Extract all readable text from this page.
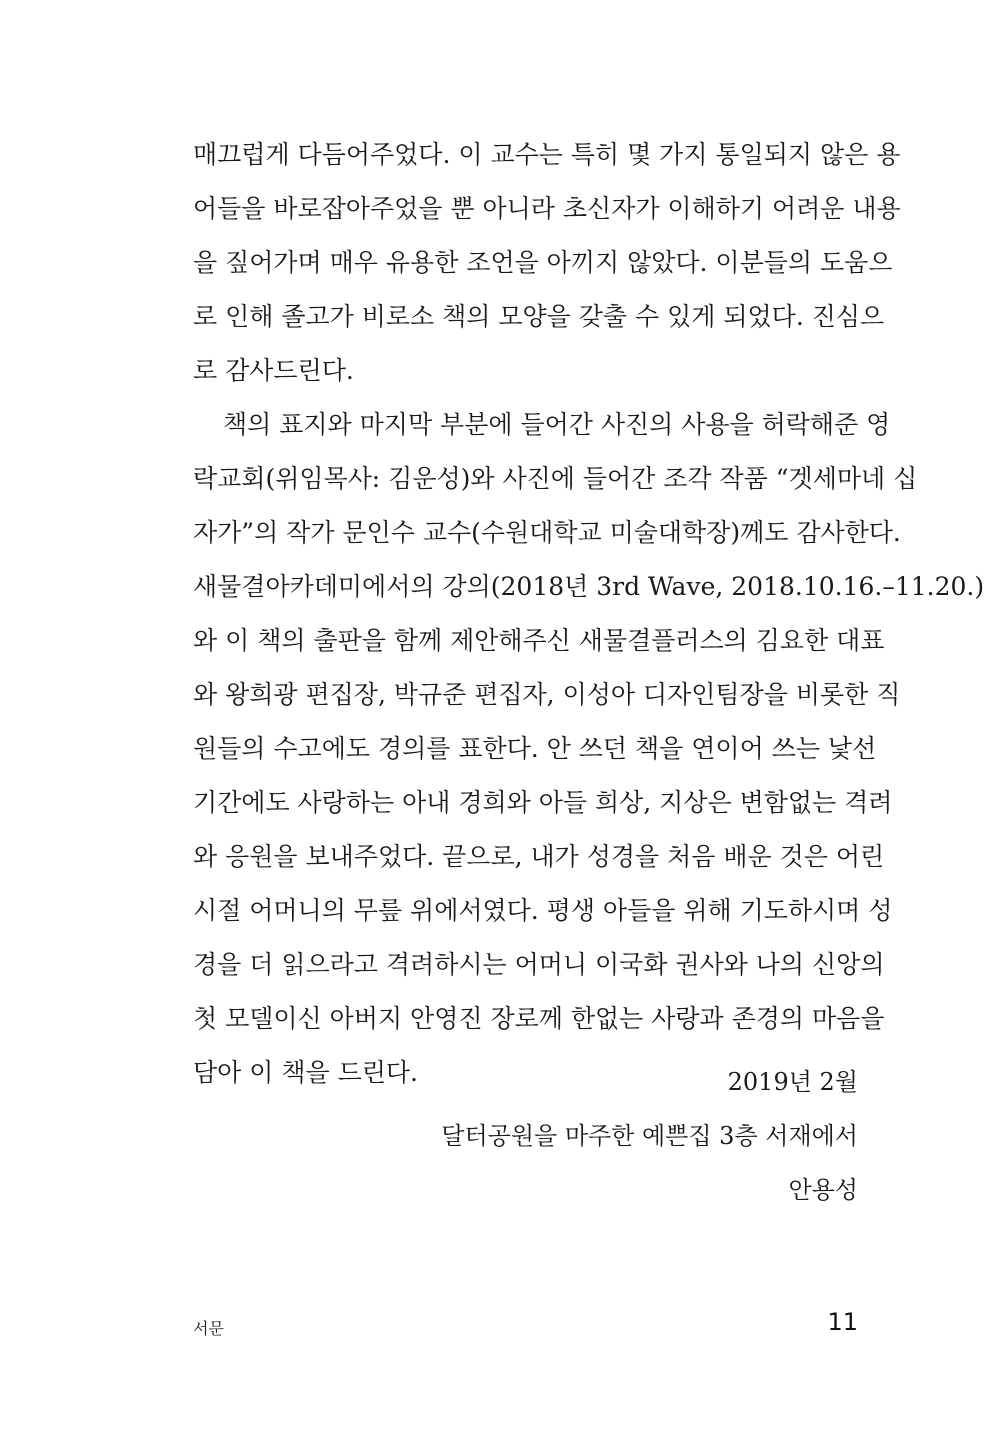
매끄럽게 다듬어주었다. 이 교수는 특히 몇 가지 통일되지 않은 용
어들을 바로잡아주었을 뿐 아니라 초신자가 이해하기 어려운 내용
을 짚어가며 매우 유용한 조언을 아끼지 않았다. 이분들의 도움으
로 인해 졸고가 비로소 책의 모양을 갖출 수 있게 되었다. 진심으
로 감사드린다.
책의 표지와 마지막 부분에 들어간 사진의 사용을 허락해준 영
락교회(위임목사: 김운성)와 사진에 들어간 조각 작품 “겟세마네 십
자가”의 작가 문인수 교수(수원대학교 미술대학장)께도 감사한다.
새물결아카데미에서의 강의(2018년 3rd Wave, 2018.10.16.–11.20.)
와 이 책의 출판을 함께 제안해주신 새물결플러스의 김요한 대표
와 왕희광 편집장, 박규준 편집자, 이성아 디자인팀장을 비롯한 직
원들의 수고에도 경의를 표한다. 안 쓰던 책을 연이어 쓰는 낯선
기간에도 사랑하는 아내 경희와 아들 희상, 지상은 변함없는 격려
와 응원을 보내주었다. 끝으로, 내가 성경을 처음 배운 것은 어린
시절 어머니의 무릎 위에서였다. 평생 아들을 위해 기도하시며 성
경을 더 읽으라고 격려하시는 어머니 이국화 권사와 나의 신앙의
첫 모델이신 아버지 안영진 장로께 한없는 사랑과 존경의 마음을
담아 이 책을 드린다.	2019년 2월
달터공원을 마주한 예쁜집 3층 서재에서
안용성
서문	11
